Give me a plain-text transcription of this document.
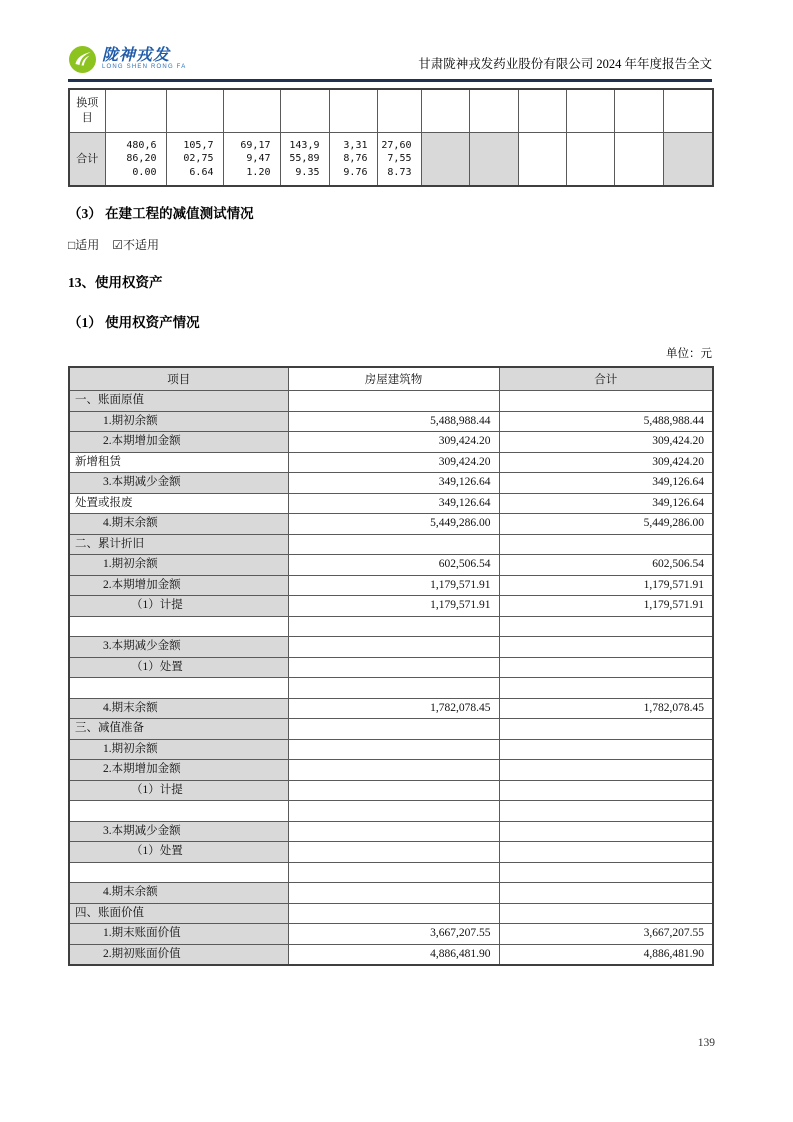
陇神戎发
LONG SHEN RONG FA	甘肃陇神戎发药业股份有限公司 2024 年年度报告全文
换项目												
合计	480,686,200.00	105,702,756.64	69,179,471.20	143,955,899.35	3,318,769.76	27,607,558.73						
（3） 在建工程的减值测试情况
□适用 ☑不适用
13、使用权资产
（1） 使用权资产情况
单位：元
项目	房屋建筑物	合计
一、账面原值		
1.期初余额	5,488,988.44	5,488,988.44
2.本期增加金额	309,424.20	309,424.20
新增租赁	309,424.20	309,424.20
3.本期减少金额	349,126.64	349,126.64
处置或报废	349,126.64	349,126.64
4.期末余额	5,449,286.00	5,449,286.00
二、累计折旧		
1.期初余额	602,506.54	602,506.54
2.本期增加金额	1,179,571.91	1,179,571.91
（1）计提	1,179,571.91	1,179,571.91

3.本期减少金额		
（1）处置		

4.期末余额	1,782,078.45	1,782,078.45
三、减值准备		
1.期初余额		
2.本期增加金额		
（1）计提		

3.本期减少金额		
（1）处置		

4.期末余额		
四、账面价值		
1.期末账面价值	3,667,207.55	3,667,207.55
2.期初账面价值	4,886,481.90	4,886,481.90
139
